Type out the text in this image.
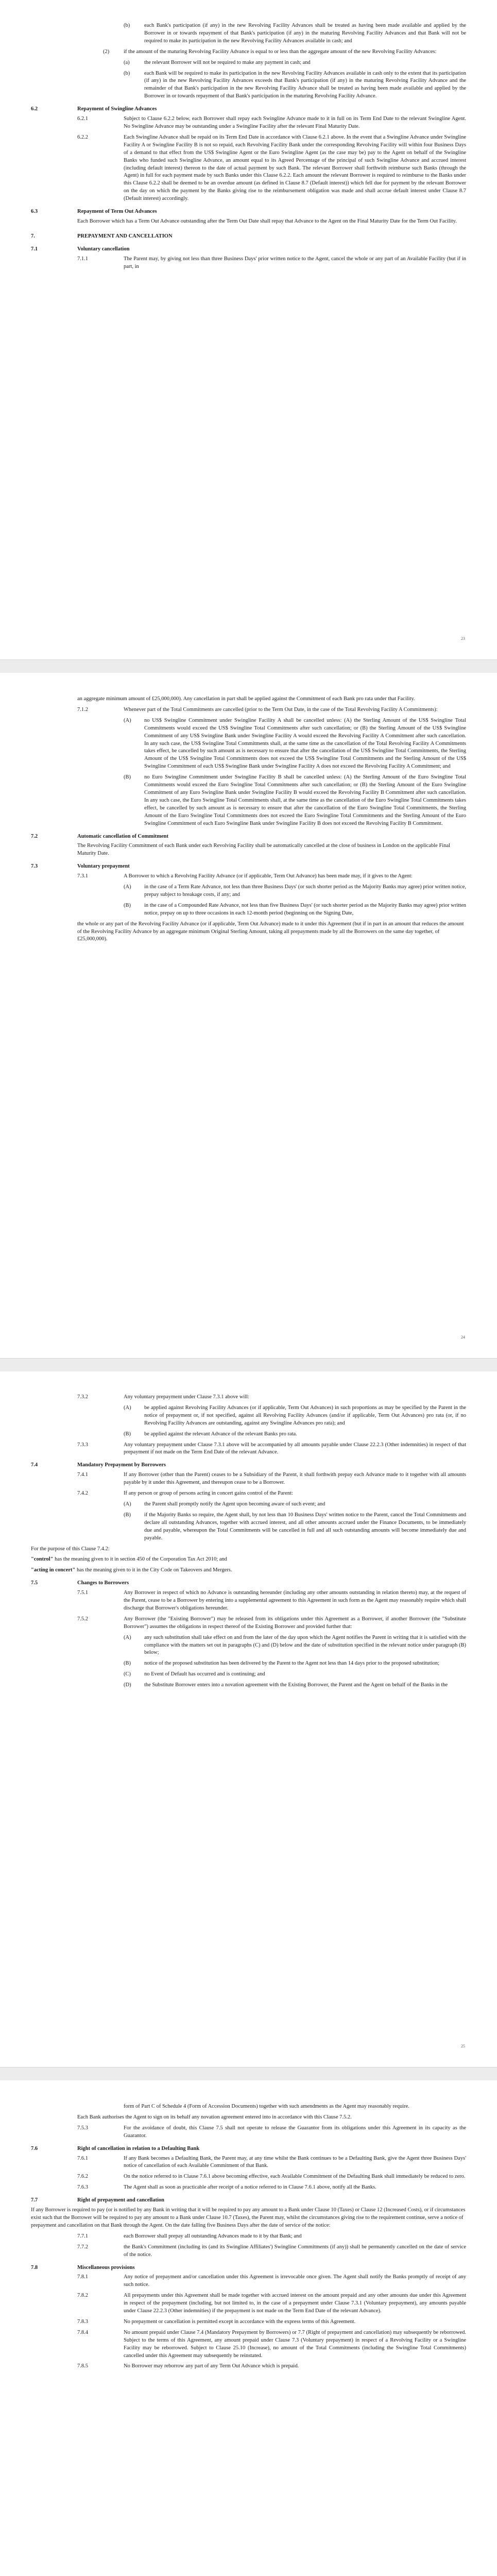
(b)	each Bank's participation (if any) in the new Revolving Facility Advances shall be treated as having been made available and applied by the Borrower in or towards repayment of that Bank's participation (if any) in the maturing Revolving Facility Advances and that Bank will not be required to make its participation in the new Revolving Facility Advances available in cash; and
(2)	if the amount of the maturing Revolving Facility Advance is equal to or less than the aggregate amount of the new Revolving Facility Advances:
(a)	the relevant Borrower will not be required to make any payment in cash; and
(b)	each Bank will be required to make its participation in the new Revolving Facility Advances available in cash only to the extent that its participation (if any) in the new Revolving Facility Advances exceeds that Bank's participation (if any) in the maturing Revolving Facility Advance and the remainder of that Bank's participation in the new Revolving Facility Advance shall be treated as having been made available and applied by the Borrower in or towards repayment of that Bank's participation in the maturing Revolving Facility Advance.
6.2	Repayment of Swingline Advances
6.2.1	Subject to Clause 6.2.2 below, each Borrower shall repay each Swingline Advance made to it in full on its Term End Date to the relevant Swingline Agent. No Swingline Advance may be outstanding under a Swingline Facility after the relevant Final Maturity Date.
6.2.2	Each Swingline Advance shall be repaid on its Term End Date in accordance with Clause 6.2.1 above. In the event that a Swingline Advance under Swingline Facility A or Swingline Facility B is not so repaid, each Revolving Facility Bank under the corresponding Revolving Facility will within four Business Days of a demand to that effect from the US$ Swingline Agent or the Euro Swingline Agent (as the case may be) pay to the Agent on behalf of the Swingline Banks who funded such Swingline Advance, an amount equal to its Agreed Percentage of the principal of such Swingline Advance and accrued interest (including default interest) thereon to the date of actual payment by such Bank. The relevant Borrower shall forthwith reimburse such Banks (through the Agent) in full for each payment made by such Banks under this Clause 6.2.2. Each amount the relevant Borrower is required to reimburse to the Banks under this Clause 6.2.2 shall be deemed to be an overdue amount (as defined in Clause 8.7 (Default interest)) which fell due for payment by the relevant Borrower on the day on which the payment by the Banks giving rise to the reimbursement obligation was made and shall accrue default interest under Clause 8.7 (Default interest) accordingly.
6.3	Repayment of Term Out Advances
Each Borrower which has a Term Out Advance outstanding after the Term Out Date shall repay that Advance to the Agent on the Final Maturity Date for the Term Out Facility.
7.	PREPAYMENT AND CANCELLATION
7.1	Voluntary cancellation
7.1.1	The Parent may, by giving not less than three Business Days' prior written notice to the Agent, cancel the whole or any part of an Available Facility (but if in part, in
23
an aggregate minimum amount of £25,000,000). Any cancellation in part shall be applied against the Commitment of each Bank pro rata under that Facility.
7.1.2	Whenever part of the Total Commitments are cancelled (prior to the Term Out Date, in the case of the Total Revolving Facility A Commitments):
(A)	no US$ Swingline Commitment under Swingline Facility A shall be cancelled unless: (A) the Sterling Amount of the US$ Swingline Total Commitments would exceed the US$ Swingline Total Commitments after such cancellation; or (B) the Sterling Amount of the US$ Swingline Commitment of any US$ Swingline Bank under Swingline Facility A would exceed the Revolving Facility A Commitment after such cancellation. In any such case, the US$ Swingline Total Commitments shall, at the same time as the cancellation of the Total Revolving Facility A Commitments takes effect, be cancelled by such amount as is necessary to ensure that after the cancellation of the US$ Swingline Total Commitments, the Sterling Amount of the US$ Swingline Total Commitments does not exceed the US$ Swingline Total Commitments and the Sterling Amount of the US$ Swingline Commitment of each US$ Swingline Bank under Swingline Facility A does not exceed the Revolving Facility A Commitment; and
(B)	no Euro Swingline Commitment under Swingline Facility B shall be cancelled unless: (A) the Sterling Amount of the Euro Swingline Total Commitments would exceed the Euro Swingline Total Commitments after such cancellation; or (B) the Sterling Amount of the Euro Swingline Commitment of any Euro Swingline Bank under Swingline Facility B would exceed the Revolving Facility B Commitment after such cancellation. In any such case, the Euro Swingline Total Commitments shall, at the same time as the cancellation of the Euro Swingline Total Commitments takes effect, be cancelled by such amount as is necessary to ensure that after the cancellation of the Euro Swingline Total Commitments, the Sterling Amount of the Euro Swingline Total Commitments does not exceed the Euro Swingline Total Commitments and the Sterling Amount of the Euro Swingline Commitment of each Euro Swingline Bank under Swingline Facility B does not exceed the Revolving Facility B Commitment.
7.2	Automatic cancellation of Commitment
The Revolving Facility Commitment of each Bank under each Revolving Facility shall be automatically cancelled at the close of business in London on the applicable Final Maturity Date.
7.3	Voluntary prepayment
7.3.1	A Borrower to which a Revolving Facility Advance (or if applicable, Term Out Advance) has been made may, if it gives to the Agent:
(A)	in the case of a Term Rate Advance, not less than three Business Days' (or such shorter period as the Majority Banks may agree) prior written notice, prepay subject to breakage costs, if any; and
(B)	in the case of a Compounded Rate Advance, not less than five Business Days' (or such shorter period as the Majority Banks may agree) prior written notice, prepay on up to three occasions in each 12-month period (beginning on the Signing Date,
the whole or any part of the Revolving Facility Advance (or if applicable, Term Out Advance) made to it under this Agreement (but if in part in an amount that reduces the amount of the Revolving Facility Advance by an aggregate minimum Original Sterling Amount, taking all prepayments made by all the Borrowers on the same day together, of £25,000,000).
24
7.3.2	Any voluntary prepayment under Clause 7.3.1 above will:
(A)	be applied against Revolving Facility Advances (or if applicable, Term Out Advances) in such proportions as may be specified by the Parent in the notice of prepayment or, if not specified, against all Revolving Facility Advances (and/or if applicable, Term Out Advances) pro rata (or, if no Revolving Facility Advances are outstanding, against any Swingline Advances pro rata); and
(B)	be applied against the relevant Advance of the relevant Banks pro rata.
7.3.3	Any voluntary prepayment under Clause 7.3.1 above will be accompanied by all amounts payable under Clause 22.2.3 (Other indemnities) in respect of that prepayment if not made on the Term End Date of the relevant Advance.
7.4	Mandatory Prepayment by Borrowers
7.4.1	If any Borrower (other than the Parent) ceases to be a Subsidiary of the Parent, it shall forthwith prepay each Advance made to it together with all amounts payable by it under this Agreement, and thereupon cease to be a Borrower.
7.4.2	If any person or group of persons acting in concert gains control of the Parent:
(A)	the Parent shall promptly notify the Agent upon becoming aware of such event; and
(B)	if the Majority Banks so require, the Agent shall, by not less than 10 Business Days' written notice to the Parent, cancel the Total Commitments and declare all outstanding Advances, together with accrued interest, and all other amounts accrued under the Finance Documents, to be immediately due and payable, whereupon the Total Commitments will be cancelled in full and all such outstanding amounts will become immediately due and payable.
For the purpose of this Clause 7.4.2:
"control" has the meaning given to it in section 450 of the Corporation Tax Act 2010; and
"acting in concert" has the meaning given to it in the City Code on Takeovers and Mergers.
7.5	Changes to Borrowers
7.5.1	Any Borrower in respect of which no Advance is outstanding hereunder (including any other amounts outstanding in relation thereto) may, at the request of the Parent, cease to be a Borrower by entering into a supplemental agreement to this Agreement in such form as the Agent may reasonably require which shall discharge that Borrower's obligations hereunder.
7.5.2	Any Borrower (the "Existing Borrower") may be released from its obligations under this Agreement as a Borrower, if another Borrower (the "Substitute Borrower") assumes the obligations in respect thereof of the Existing Borrower and provided further that:
(A)	any such substitution shall take effect on and from the later of the day upon which the Agent notifies the Parent in writing that it is satisfied with the compliance with the matters set out in paragraphs (C) and (D) below and the date of substitution specified in the relevant notice under paragraph (B) below;
(B)	notice of the proposed substitution has been delivered by the Parent to the Agent not less than 14 days prior to the proposed substitution;
(C)	no Event of Default has occurred and is continuing; and
(D)	the Substitute Borrower enters into a novation agreement with the Existing Borrower, the Parent and the Agent on behalf of the Banks in the
25
form of Part C of Schedule 4 (Form of Accession Documents) together with such amendments as the Agent may reasonably require.
Each Bank authorises the Agent to sign on its behalf any novation agreement entered into in accordance with this Clause 7.5.2.
7.5.3	For the avoidance of doubt, this Clause 7.5 shall not operate to release the Guarantor from its obligations under this Agreement in its capacity as the Guarantor.
7.6	Right of cancellation in relation to a Defaulting Bank
7.6.1	If any Bank becomes a Defaulting Bank, the Parent may, at any time whilst the Bank continues to be a Defaulting Bank, give the Agent three Business Days' notice of cancellation of each Available Commitment of that Bank.
7.6.2	On the notice referred to in Clause 7.6.1 above becoming effective, each Available Commitment of the Defaulting Bank shall immediately be reduced to zero.
7.6.3	The Agent shall as soon as practicable after receipt of a notice referred to in Clause 7.6.1 above, notify all the Banks.
7.7	Right of prepayment and cancellation
If any Borrower is required to pay (or is notified by any Bank in writing that it will be required to pay any amount to a Bank under Clause 10 (Taxes) or Clause 12 (Increased Costs), or if circumstances exist such that the Borrower will be required to pay any amount to a Bank under Clause 10.7 (Taxes), the Parent may, whilst the circumstances giving rise to the requirement continue, serve a notice of prepayment and cancellation on that Bank through the Agent. On the date falling five Business Days after the date of service of the notice:
7.7.1	each Borrower shall prepay all outstanding Advances made to it by that Bank; and
7.7.2	the Bank's Commitment (including its (and its Swingline Affiliates') Swingline Commitments (if any)) shall be permanently cancelled on the date of service of the notice.
7.8	Miscellaneous provisions
7.8.1	Any notice of prepayment and/or cancellation under this Agreement is irrevocable once given. The Agent shall notify the Banks promptly of receipt of any such notice.
7.8.2	All prepayments under this Agreement shall be made together with accrued interest on the amount prepaid and any other amounts due under this Agreement in respect of the prepayment (including, but not limited to, in the case of a prepayment under Clause 7.3.1 (Voluntary prepayment), any amounts payable under Clause 22.2.3 (Other indemnities) if the prepayment is not made on the Term End Date of the relevant Advance).
7.8.3	No prepayment or cancellation is permitted except in accordance with the express terms of this Agreement.
7.8.4	No amount prepaid under Clause 7.4 (Mandatory Prepayment by Borrowers) or 7.7 (Right of prepayment and cancellation) may subsequently be reborrowed. Subject to the terms of this Agreement, any amount prepaid under Clause 7.3 (Voluntary prepayment) in respect of a Revolving Facility or a Swingline Facility may be reborrowed. Subject to Clause 25.10 (Increase), no amount of the Total Commitments (including the Swingline Total Commitments) cancelled under this Agreement may subsequently be reinstated.
7.8.5	No Borrower may reborrow any part of any Term Out Advance which is prepaid.
